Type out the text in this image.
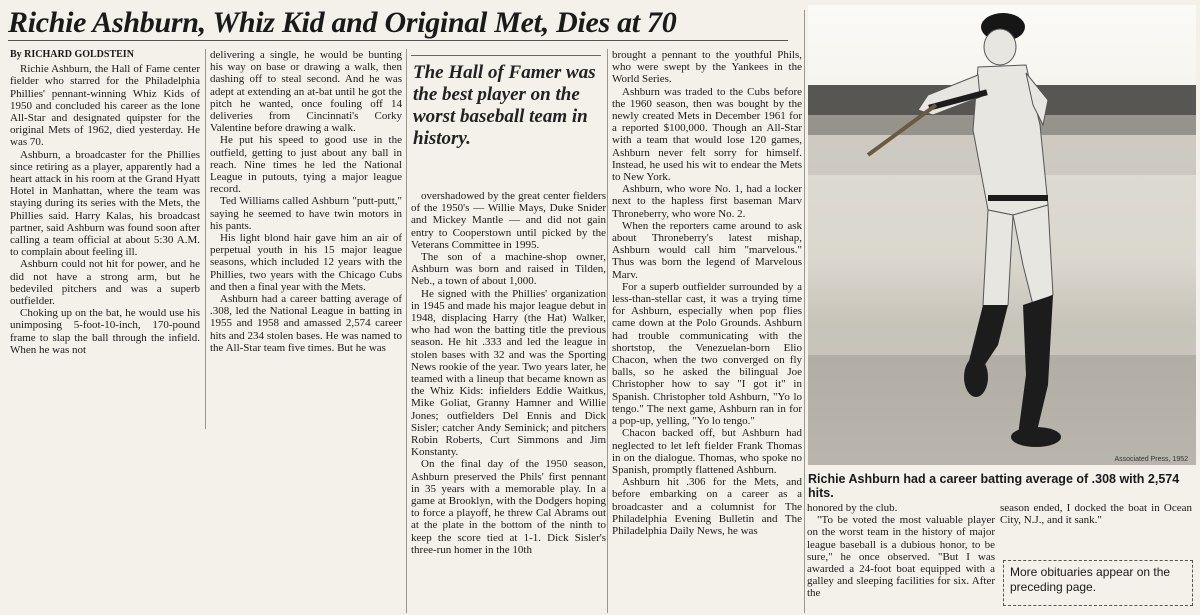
Richie Ashburn, Whiz Kid and Original Met, Dies at 70

By RICHARD GOLDSTEIN

Richie Ashburn, the Hall of Fame center fielder who starred for the Philadelphia Phillies' pennant-winning Whiz Kids of 1950 and concluded his career as the lone All-Star and designated quipster for the original Mets of 1962, died yesterday. He was 70.

Ashburn, a broadcaster for the Phillies since retiring as a player, apparently had a heart attack in his room at the Grand Hyatt Hotel in Manhattan, where the team was staying during its series with the Mets, the Phillies said. Harry Kalas, his broadcast partner, said Ashburn was found soon after calling a team official at about 5:30 A.M. to complain about feeling ill.

Ashburn could not hit for power, and he did not have a strong arm, but he bedeviled pitchers and was a superb outfielder.

Choking up on the bat, he would use his unimposing 5-foot-10-inch, 170-pound frame to slap the ball through the infield. When he was not

delivering a single, he would be bunting his way on base or drawing a walk, then dashing off to steal second. And he was adept at extending an at-bat until he got the pitch he wanted, once fouling off 14 deliveries from Cincinnati's Corky Valentine before drawing a walk.

He put his speed to good use in the outfield, getting to just about any ball in reach. Nine times he led the National League in putouts, tying a major league record.

Ted Williams called Ashburn "putt-putt," saying he seemed to have twin motors in his pants.

His light blond hair gave him an air of perpetual youth in his 15 major league seasons, which included 12 years with the Phillies, two years with the Chicago Cubs and then a final year with the Mets.

Ashburn had a career batting average of .308, led the National League in batting in 1955 and 1958 and amassed 2,574 career hits and 234 stolen bases. He was named to the All-Star team five times. But he was

The Hall of Famer was the best player on the worst baseball team in history.

overshadowed by the great center fielders of the 1950's — Willie Mays, Duke Snider and Mickey Mantle — and did not gain entry to Cooperstown until picked by the Veterans Committee in 1995.

The son of a machine-shop owner, Ashburn was born and raised in Tilden, Neb., a town of about 1,000.

He signed with the Phillies' organization in 1945 and made his major league debut in 1948, displacing Harry (the Hat) Walker, who had won the batting title the previous season. He hit .333 and led the league in stolen bases with 32 and was the Sporting News rookie of the year. Two years later, he teamed with a lineup that became known as the Whiz Kids: infielders Eddie Waitkus, Mike Goliat, Granny Hamner and Willie Jones; outfielders Del Ennis and Dick Sisler; catcher Andy Seminick; and pitchers Robin Roberts, Curt Simmons and Jim Konstanty.

On the final day of the 1950 season, Ashburn preserved the Phils' first pennant in 35 years with a memorable play. In a game at Brooklyn, with the Dodgers hoping to force a playoff, he threw Cal Abrams out at the plate in the bottom of the ninth to keep the score tied at 1-1. Dick Sisler's three-run homer in the 10th

brought a pennant to the youthful Phils, who were swept by the Yankees in the World Series.

Ashburn was traded to the Cubs before the 1960 season, then was bought by the newly created Mets in December 1961 for a reported $100,000. Though an All-Star with a team that would lose 120 games, Ashburn never felt sorry for himself. Instead, he used his wit to endear the Mets to New York.

Ashburn, who wore No. 1, had a locker next to the hapless first baseman Marv Throneberry, who wore No. 2.

When the reporters came around to ask about Throneberry's latest mishap, Ashburn would call him "marvelous." Thus was born the legend of Marvelous Marv.

For a superb outfielder surrounded by a less-than-stellar cast, it was a trying time for Ashburn, especially when pop flies came down at the Polo Grounds. Ashburn had trouble communicating with the shortstop, the Venezuelan-born Elio Chacon, when the two converged on fly balls, so he asked the bilingual Joe Christopher how to say "I got it" in Spanish. Christopher told Ashburn, "Yo lo tengo." The next game, Ashburn ran in for a pop-up, yelling, "Yo lo tengo."

Chacon backed off, but Ashburn had neglected to let left fielder Frank Thomas in on the dialogue. Thomas, who spoke no Spanish, promptly flattened Ashburn.

Ashburn hit .306 for the Mets, and before embarking on a career as a broadcaster and a columnist for The Philadelphia Evening Bulletin and The Philadelphia Daily News, he was

Associated Press, 1952
Richie Ashburn had a career batting average of .308 with 2,574 hits.

honored by the club.

"To be voted the most valuable player on the worst team in the history of major league baseball is a dubious honor, to be sure," he once observed. "But I was awarded a 24-foot boat equipped with a galley and sleeping facilities for six. After the

season ended, I docked the boat in Ocean City, N.J., and it sank."

More obituaries appear on the preceding page.
